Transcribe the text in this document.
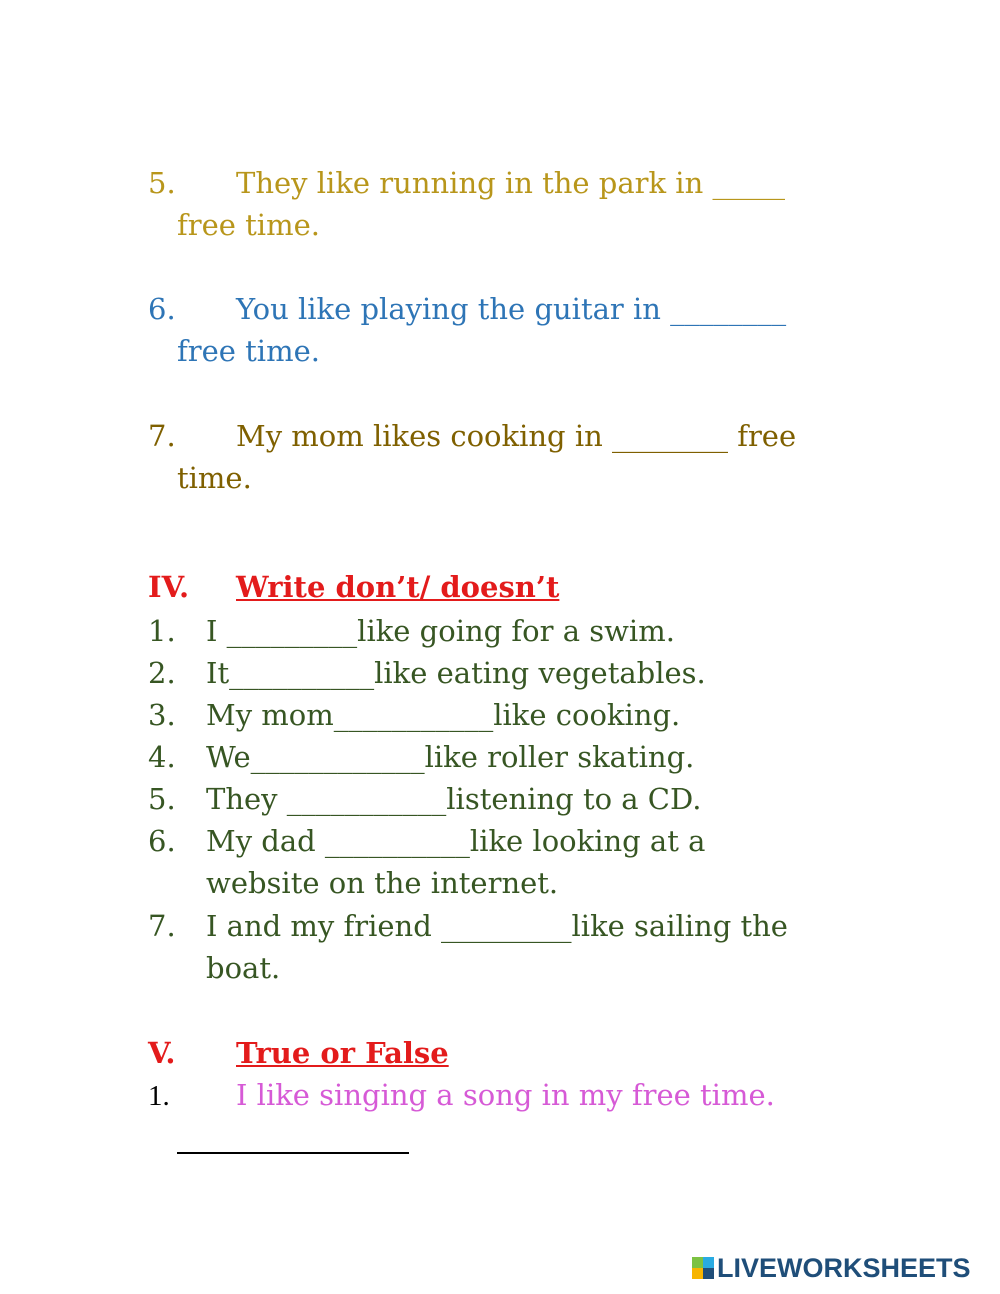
5. They like running in the park in _____
free time.
6. You like playing the guitar in ________
free time.
7. My mom likes cooking in ________ free
time.
IV. Write don’t/ doesn’t
1. I _________like going for a swim.
2. It__________like eating vegetables.
3. My mom___________like cooking.
4. We____________like roller skating.
5. They ___________listening to a CD.
6. My dad __________like looking at a
website on the internet.
7. I and my friend _________like sailing the
boat.
V. True or False
1. I like singing a song in my free time.
LIVEWORKSHEETS
